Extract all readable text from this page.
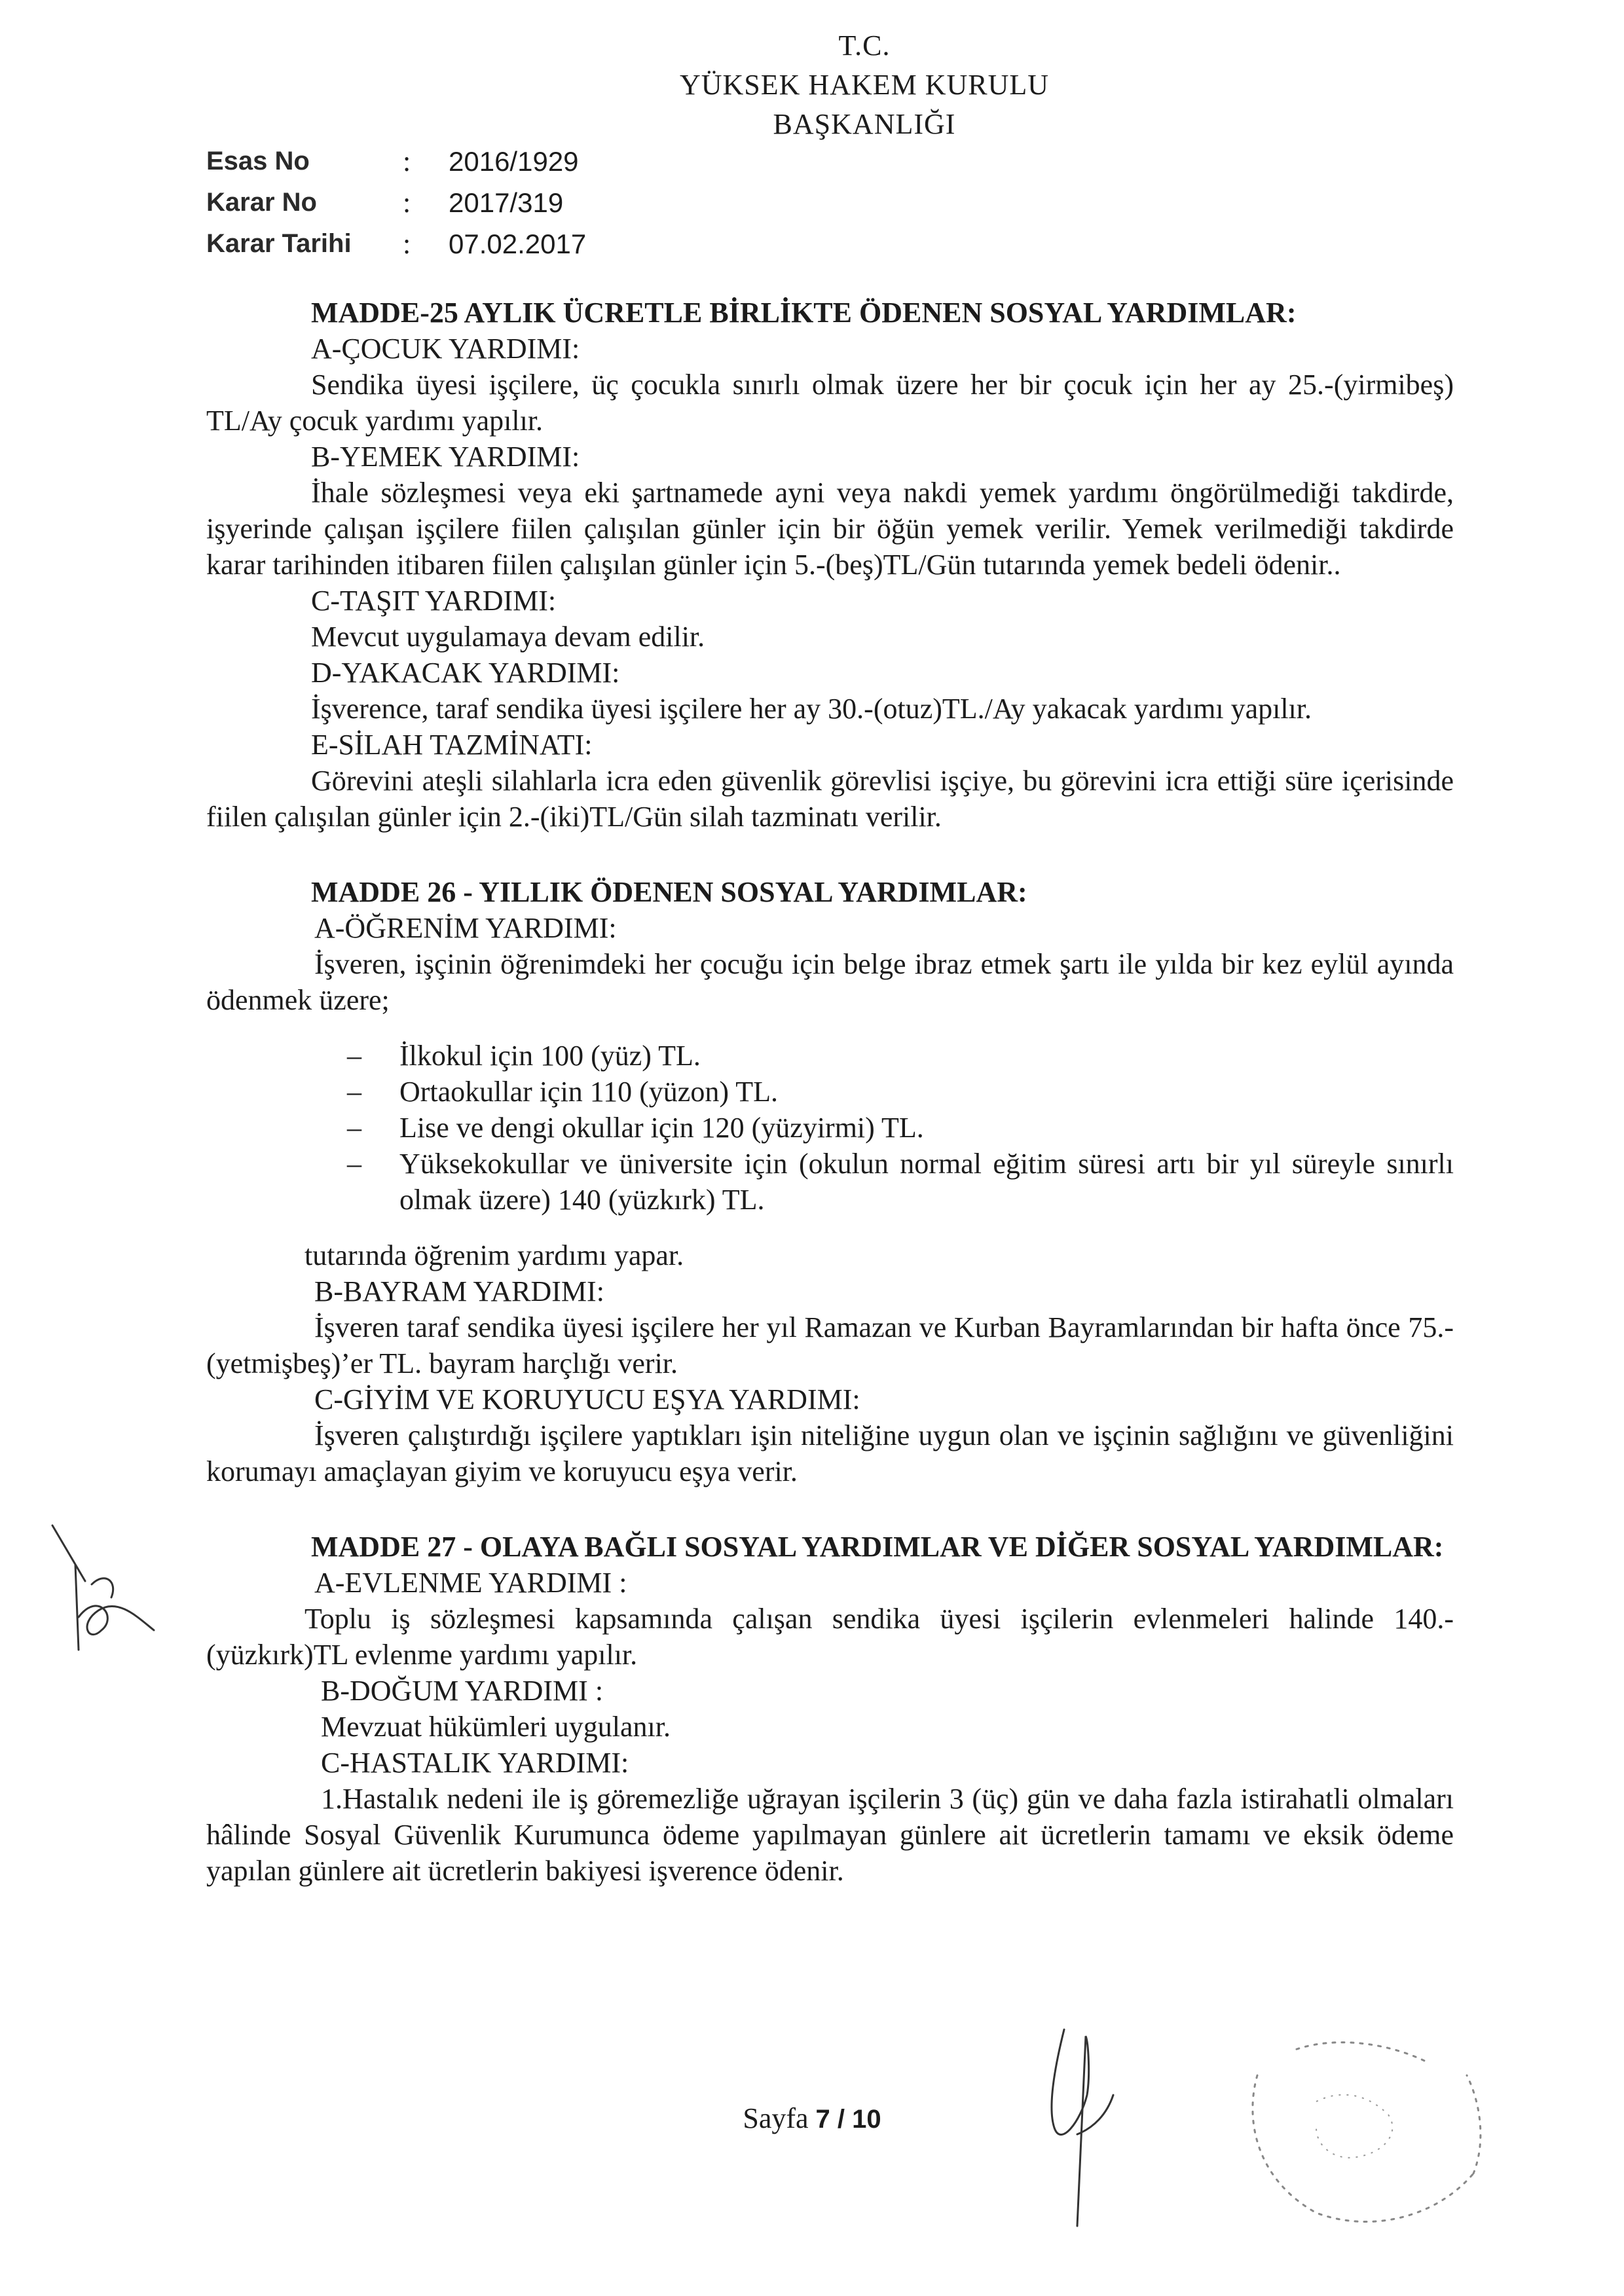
T.C.
YÜKSEK HAKEM KURULU
BAŞKANLIĞI
Esas No	:	2016/1929
Karar No	:	2017/319
Karar Tarihi	:	07.02.2017

MADDE-25 AYLIK ÜCRETLE BİRLİKTE ÖDENEN SOSYAL YARDIMLAR:

A-ÇOCUK YARDIMI:

Sendika üyesi işçilere, üç çocukla sınırlı olmak üzere her bir çocuk için her ay 25.-(yirmibeş) TL/Ay çocuk yardımı yapılır.

B-YEMEK YARDIMI:

İhale sözleşmesi veya eki şartnamede ayni veya nakdi yemek yardımı öngörülmediği takdirde, işyerinde çalışan işçilere fiilen çalışılan günler için bir öğün yemek verilir. Yemek verilmediği takdirde karar tarihinden itibaren fiilen çalışılan günler için 5.-(beş)TL/Gün tutarında yemek bedeli ödenir..

C-TAŞIT YARDIMI:

Mevcut uygulamaya devam edilir.

D-YAKACAK YARDIMI:

İşverence, taraf sendika üyesi işçilere her ay 30.-(otuz)TL./Ay yakacak yardımı yapılır.

E-SİLAH TAZMİNATI:

Görevini ateşli silahlarla icra eden güvenlik görevlisi işçiye, bu görevini icra ettiği süre içerisinde fiilen çalışılan günler için 2.-(iki)TL/Gün silah tazminatı verilir.

MADDE 26 - YILLIK ÖDENEN SOSYAL YARDIMLAR:

A-ÖĞRENİM YARDIMI:

İşveren, işçinin öğrenimdeki her çocuğu için belge ibraz etmek şartı ile yılda bir kez eylül ayında ödenmek üzere;

–	İlkokul için 100 (yüz) TL.
–	Ortaokullar için 110 (yüzon) TL.
–	Lise ve dengi okullar için 120 (yüzyirmi) TL.
–	Yüksekokullar ve üniversite için (okulun normal eğitim süresi artı bir yıl süreyle sınırlı olmak üzere) 140 (yüzkırk) TL.

tutarında öğrenim yardımı yapar.

B-BAYRAM YARDIMI:

İşveren taraf sendika üyesi işçilere her yıl Ramazan ve Kurban Bayramlarından bir hafta önce 75.-(yetmişbeş)’er TL. bayram harçlığı verir.

C-GİYİM VE KORUYUCU EŞYA YARDIMI:

İşveren çalıştırdığı işçilere yaptıkları işin niteliğine uygun olan ve işçinin sağlığını ve güvenliğini korumayı amaçlayan giyim ve koruyucu eşya verir.

MADDE 27 - OLAYA BAĞLI SOSYAL YARDIMLAR VE DİĞER SOSYAL YARDIMLAR:

A-EVLENME YARDIMI :

Toplu iş sözleşmesi kapsamında çalışan sendika üyesi işçilerin evlenmeleri halinde 140.-(yüzkırk)TL evlenme yardımı yapılır.

B-DOĞUM YARDIMI :

Mevzuat hükümleri uygulanır.

C-HASTALIK YARDIMI:

1.Hastalık nedeni ile iş göremezliğe uğrayan işçilerin 3 (üç) gün ve daha fazla istirahatli olmaları hâlinde Sosyal Güvenlik Kurumunca ödeme yapılmayan günlere ait ücretlerin tamamı ve eksik ödeme yapılan günlere ait ücretlerin bakiyesi işverence ödenir.

Sayfa 7 / 10
